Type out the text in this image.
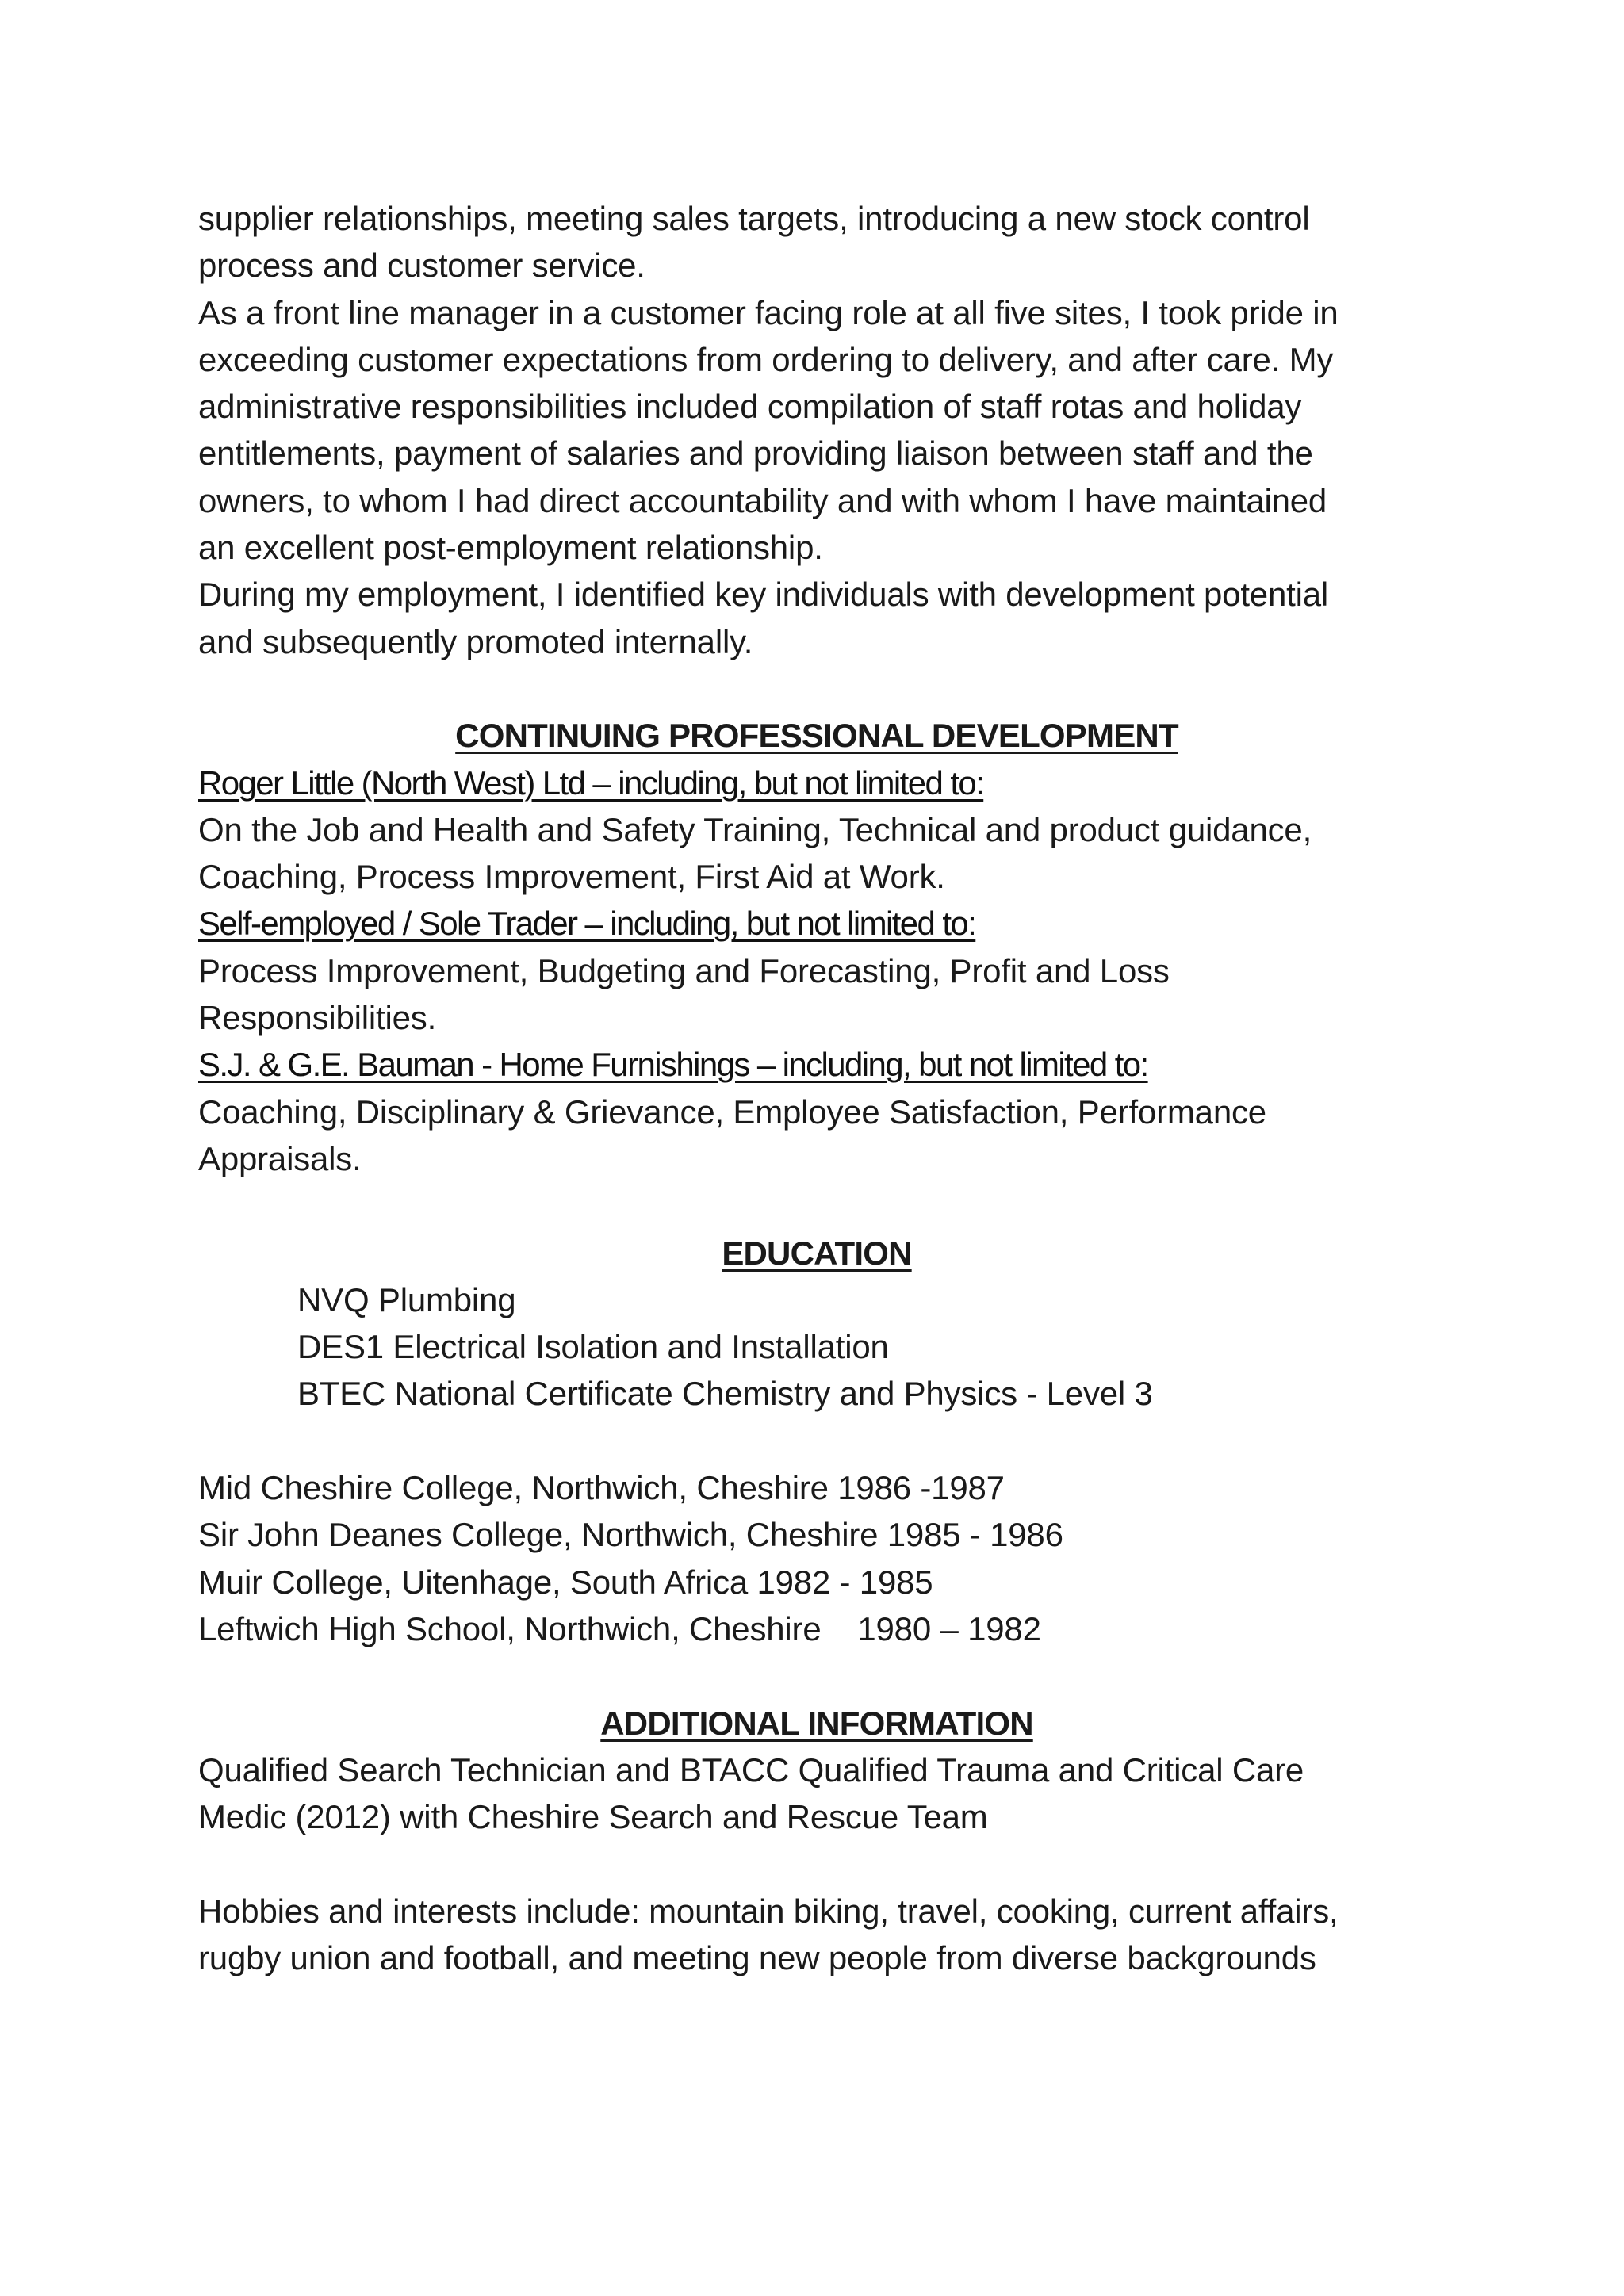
supplier relationships, meeting sales targets, introducing a new stock control
process and customer service.
As a front line manager in a customer facing role at all five sites, I took pride in
exceeding customer expectations from ordering to delivery, and after care. My
administrative responsibilities included compilation of staff rotas and holiday
entitlements, payment of salaries and providing liaison between staff and the
owners, to whom I had direct accountability and with whom I have maintained
an excellent post-employment relationship.
During my employment, I identified key individuals with development potential
and subsequently promoted internally.
CONTINUING PROFESSIONAL DEVELOPMENT
Roger Little (North West) Ltd – including, but not limited to:
On the Job and Health and Safety Training, Technical and product guidance,
Coaching, Process Improvement, First Aid at Work.
Self-employed / Sole Trader – including, but not limited to:
Process Improvement, Budgeting and Forecasting, Profit and Loss
Responsibilities.
S.J. & G.E. Bauman - Home Furnishings – including, but not limited to:
Coaching, Disciplinary & Grievance, Employee Satisfaction, Performance
Appraisals.
EDUCATION
NVQ Plumbing
DES1 Electrical Isolation and Installation
BTEC National Certificate Chemistry and Physics - Level 3
Mid Cheshire College, Northwich, Cheshire 1986 -1987
Sir John Deanes College, Northwich, Cheshire 1985 - 1986
Muir College, Uitenhage, South Africa 1982 - 1985
Leftwich High School, Northwich, Cheshire    1980 – 1982
ADDITIONAL INFORMATION
Qualified Search Technician and BTACC Qualified Trauma and Critical Care
Medic (2012) with Cheshire Search and Rescue Team
Hobbies and interests include: mountain biking, travel, cooking, current affairs,
rugby union and football, and meeting new people from diverse backgrounds
